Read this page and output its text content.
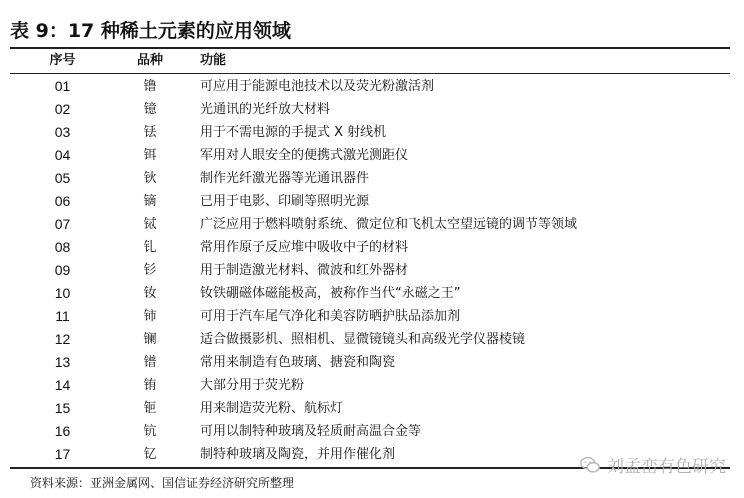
表 9：17 种稀土元素的应用领域
序号	品种	功能
01	镥	可应用于能源电池技术以及荧光粉激活剂
02	镱	光通讯的光纤放大材料
03	铥	用于不需电源的手提式 X 射线机
04	铒	军用对人眼安全的便携式激光测距仪
05	钬	制作光纤激光器等光通讯器件
06	镝	已用于电影、印刷等照明光源
07	铽	广泛应用于燃料喷射系统、微定位和飞机太空望远镜的调节等领域
08	钆	常用作原子反应堆中吸收中子的材料
09	钐	用于制造激光材料、微波和红外器材
10	钕	钕铁硼磁体磁能极高，被称作当代“永磁之王”
11	铈	可用于汽车尾气净化和美容防晒护肤品添加剂
12	镧	适合做摄影机、照相机、显微镜镜头和高级光学仪器棱镜
13	镨	常用来制造有色玻璃、搪瓷和陶瓷
14	铕	大部分用于荧光粉
15	钷	用来制造荧光粉、航标灯
16	钪	可用以制特种玻璃及轻质耐高温合金等
17	钇	制特种玻璃及陶瓷，并用作催化剂
资料来源：亚洲金属网、国信证券经济研究所整理
刘孟峦有色研究
